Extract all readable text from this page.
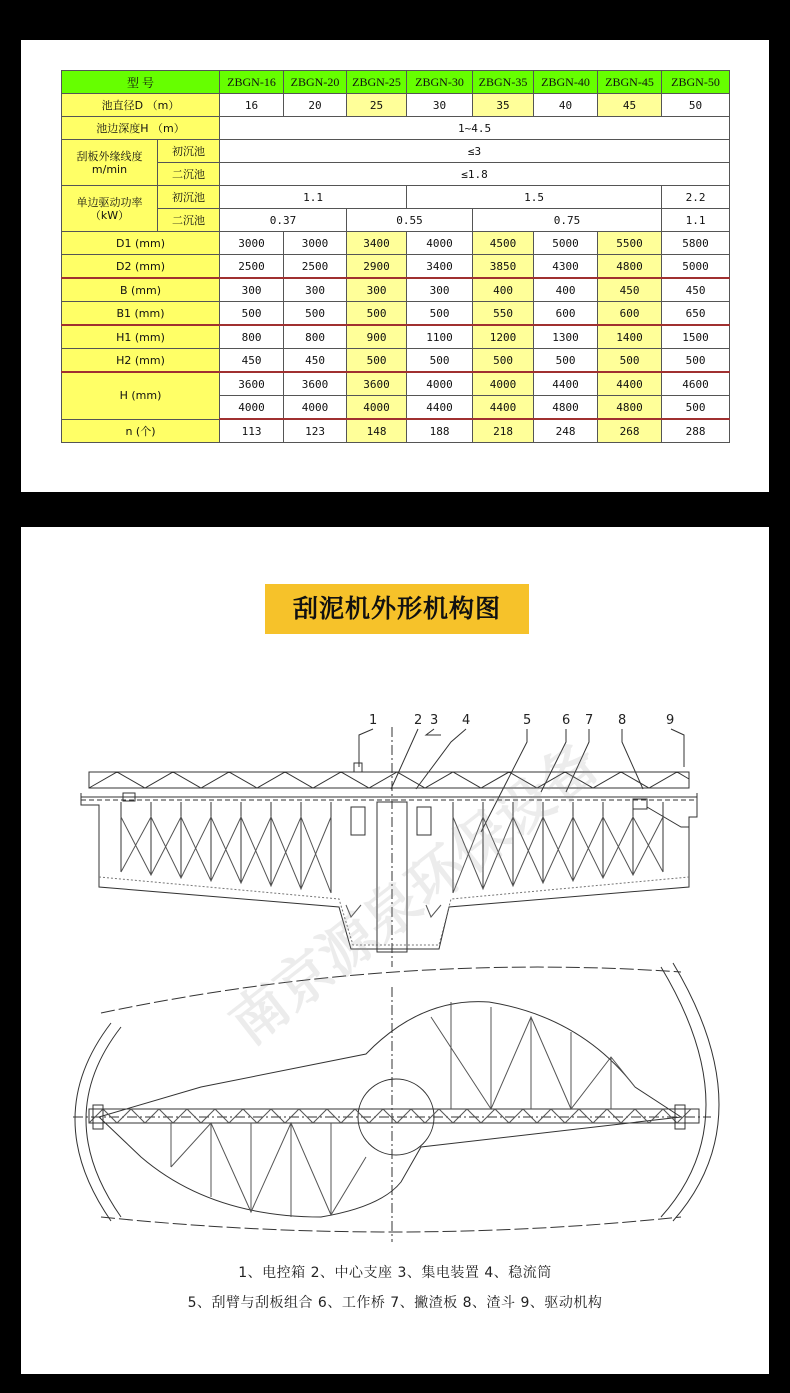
型 号		ZBGN-16	ZBGN-20	ZBGN-25	ZBGN-30	ZBGN-35	ZBGN-40	ZBGN-45	ZBGN-50
池直径D （m）		16	20	25	30	35	40	45	50
池边深度H （m）		1~4.5							
刮板外缘线度 m/min	初沉池	≤3							
	二沉池	≤1.8							
单边驱动功率（kW）	初沉池	1.1			1.5				2.2
	二沉池	0.37		0.55		0.75			1.1
D1 (mm)		3000	3000	3400	4000	4500	5000	5500	5800
D2 (mm)		2500	2500	2900	3400	3850	4300	4800	5000
B (mm)		300	300	300	300	400	400	450	450
B1 (mm)		500	500	500	500	550	600	600	650
H1 (mm)		800	800	900	1100	1200	1300	1400	1500
H2 (mm)		450	450	500	500	500	500	500	500
H (mm)		3600	3600	3600	4000	4000	4400	4400	4600
		4000	4000	4000	4400	4400	4800	4800	500
n (个)		113	123	148	188	218	248	268	288
刮泥机外形机构图
1	2 3 4	5 6 7 8	9
南京源泉环保设备
1、电控箱 2、中心支座 3、集电装置 4、稳流筒
5、刮臂与刮板组合 6、工作桥 7、撇渣板 8、渣斗 9、驱动机构
